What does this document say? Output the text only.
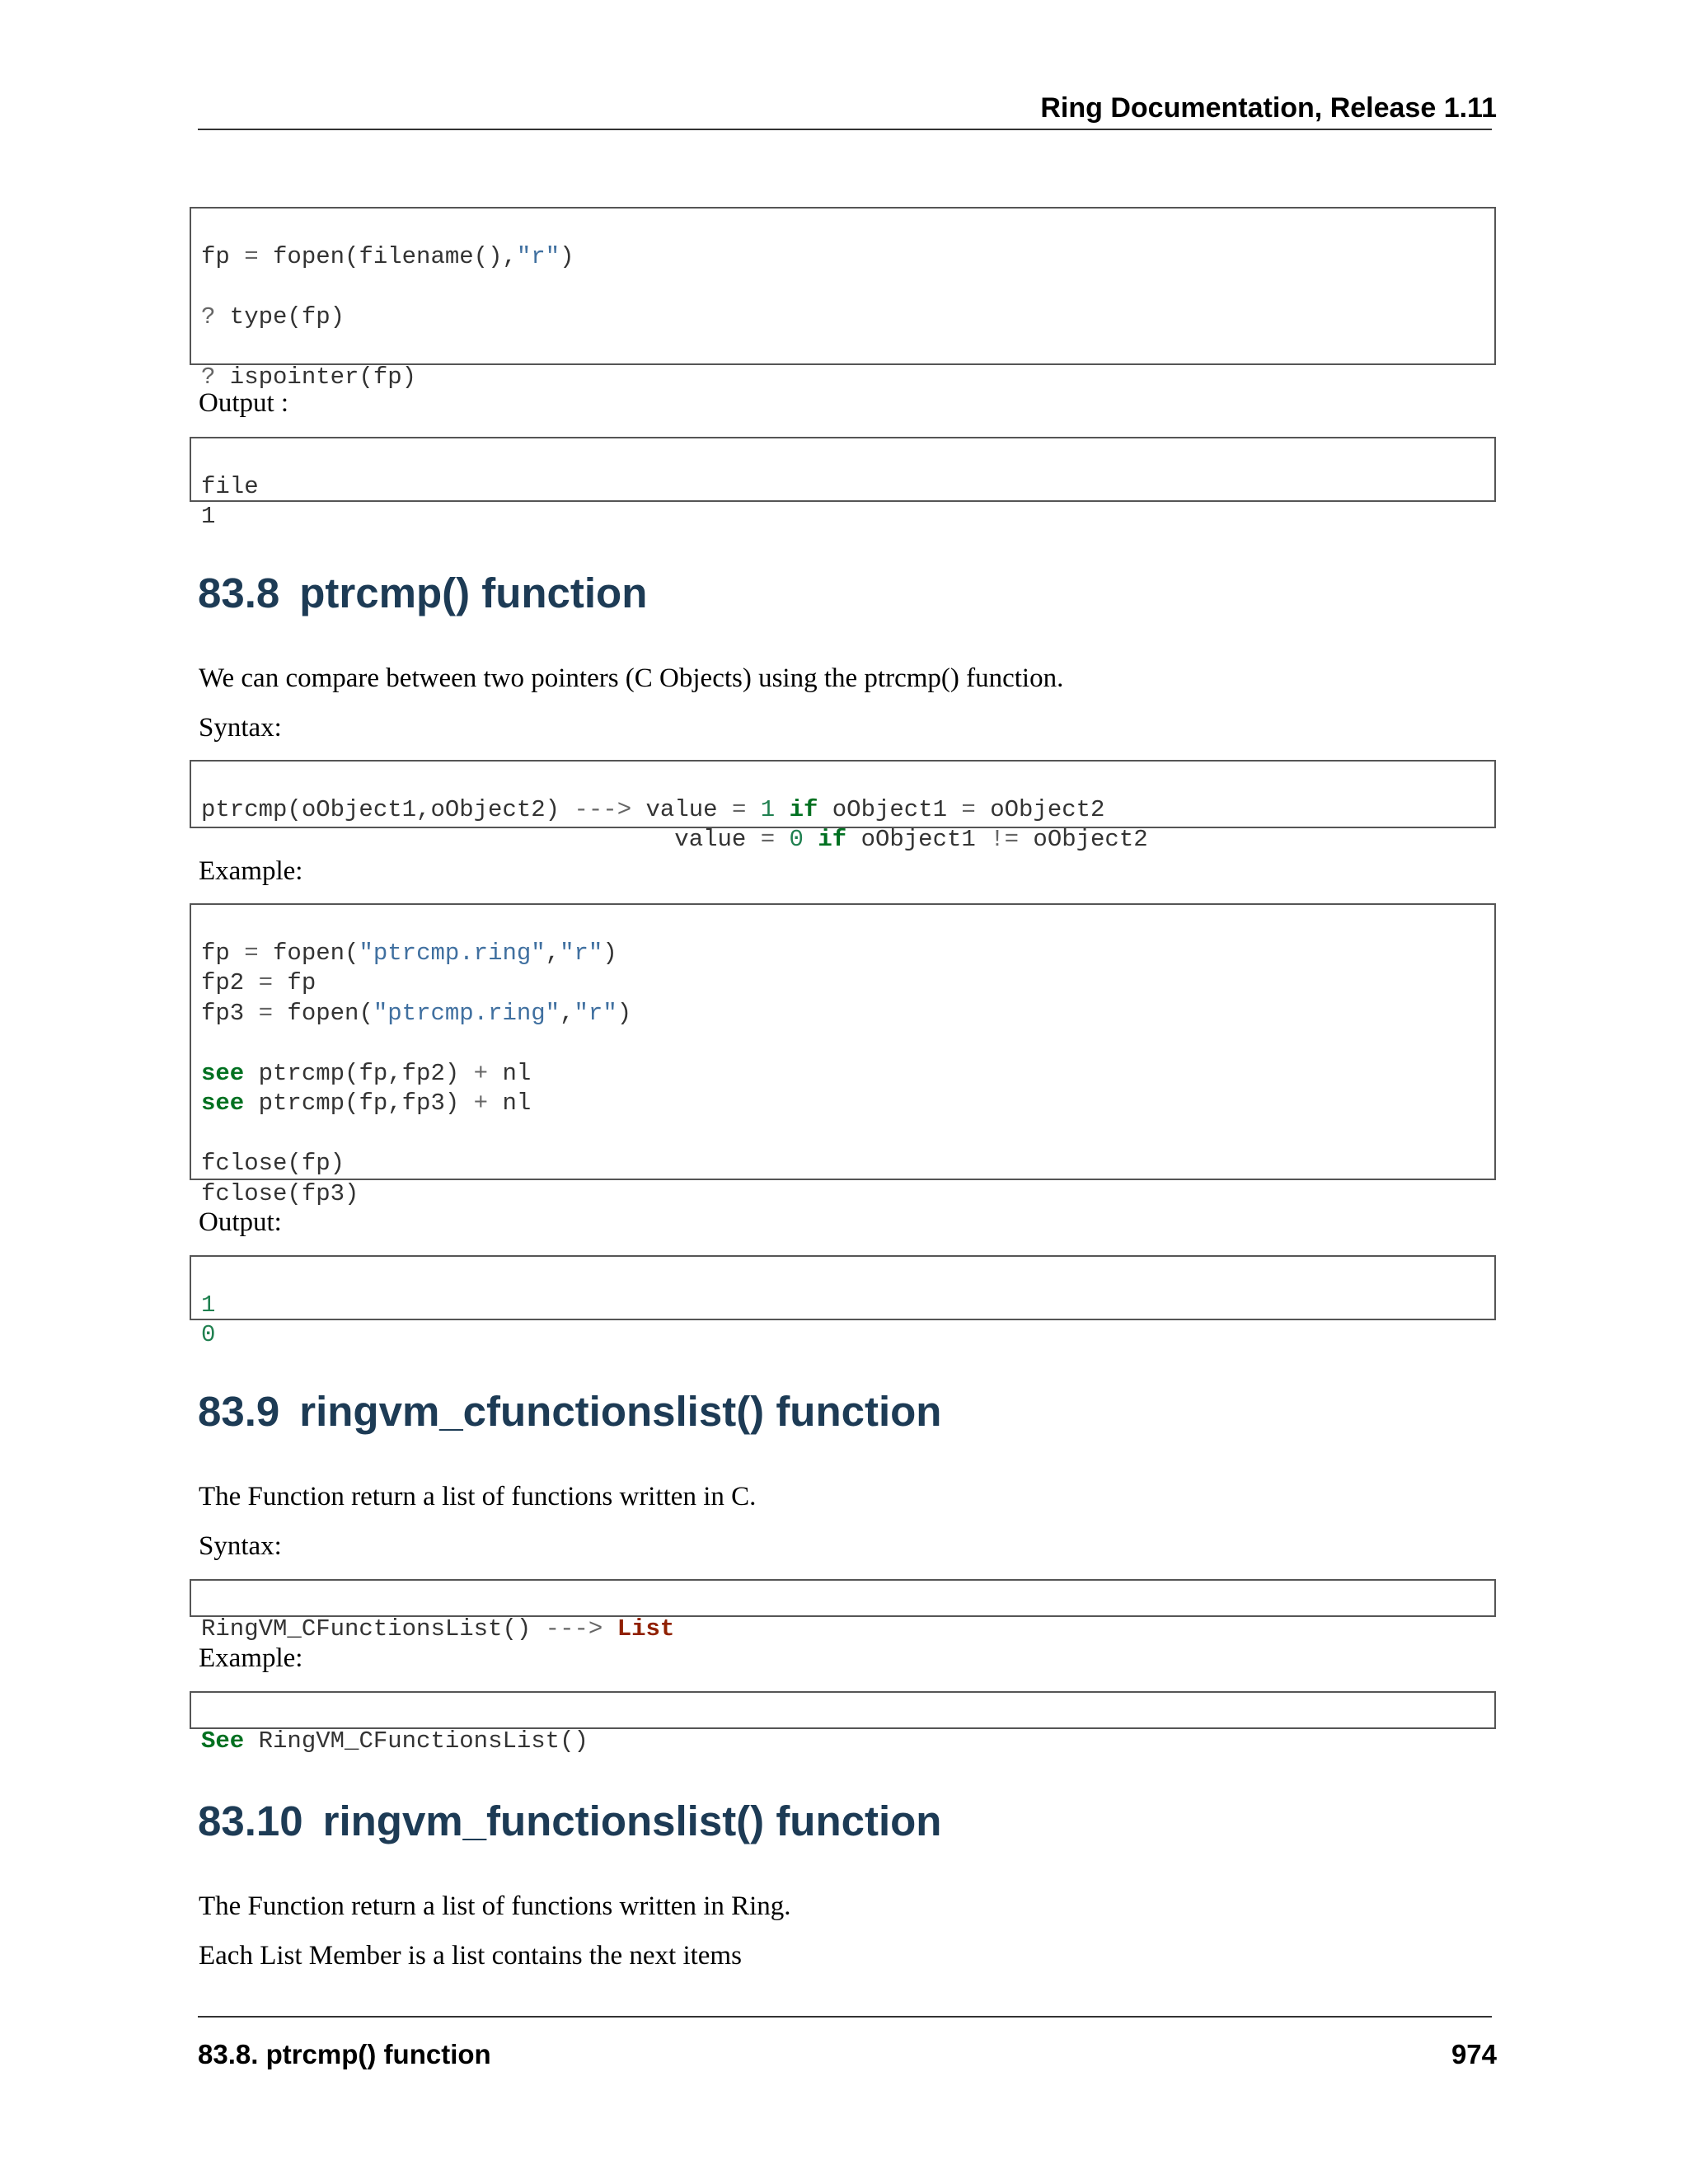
Ring Documentation, Release 1.11

fp = fopen(filename(),"r")
? type(fp)
? ispointer(fp)
Output :

file
1
83.8 ptrcmp() function
We can compare between two pointers (C Objects) using the ptrcmp() function.
Syntax:

ptrcmp(oObject1,oObject2) ---> value = 1 if oObject1 = oObject2
value = 0 if oObject1 != oObject2
Example:

fp = fopen("ptrcmp.ring","r")
fp2 = fp
fp3 = fopen("ptrcmp.ring","r")
see ptrcmp(fp,fp2) + nl
see ptrcmp(fp,fp3) + nl
fclose(fp)
fclose(fp3)
Output:

1
0
83.9 ringvm_cfunctionslist() function
The Function return a list of functions written in C.
Syntax:

RingVM_CFunctionsList() ---> List
Example:

See RingVM_CFunctionsList()
83.10 ringvm_functionslist() function
The Function return a list of functions written in Ring.
Each List Member is a list contains the next items
83.8. ptrcmp() function	974
